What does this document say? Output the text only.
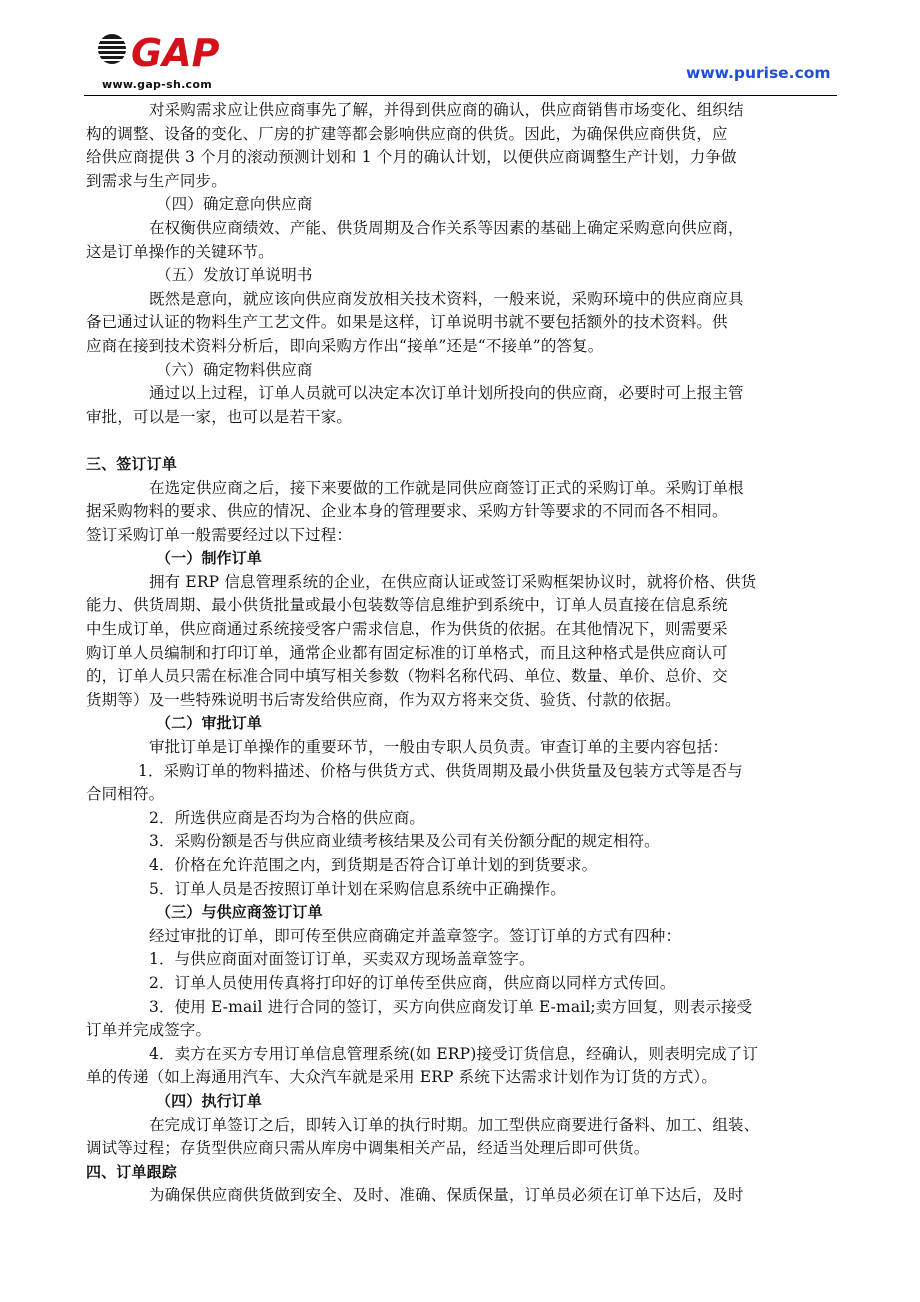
GAP
www.gap-sh.com
www.purise.com
对采购需求应让供应商事先了解，并得到供应商的确认，供应商销售市场变化、组织结
构的调整、设备的变化、厂房的扩建等都会影响供应商的供货。因此，为确保供应商供货，应
给供应商提供 3 个月的滚动预测计划和 1 个月的确认计划，以便供应商调整生产计划，力争做
到需求与生产同步。
（四）确定意向供应商
在权衡供应商绩效、产能、供货周期及合作关系等因素的基础上确定采购意向供应商，
这是订单操作的关键环节。
（五）发放订单说明书
既然是意向，就应该向供应商发放相关技术资料，一般来说，采购环境中的供应商应具
备已通过认证的物料生产工艺文件。如果是这样，订单说明书就不要包括额外的技术资料。供
应商在接到技术资料分析后，即向采购方作出“接单”还是“不接单”的答复。
（六）确定物料供应商
通过以上过程，订单人员就可以决定本次订单计划所投向的供应商，必要时可上报主管
审批，可以是一家，也可以是若干家。
三、签订订单
在选定供应商之后，接下来要做的工作就是同供应商签订正式的采购订单。采购订单根
据采购物料的要求、供应的情况、企业本身的管理要求、采购方针等要求的不同而各不相同。
签订采购订单一般需要经过以下过程：
（一）制作订单
拥有 ERP 信息管理系统的企业，在供应商认证或签订采购框架协议时，就将价格、供货
能力、供货周期、最小供货批量或最小包装数等信息维护到系统中，订单人员直接在信息系统
中生成订单，供应商通过系统接受客户需求信息，作为供货的依据。在其他情况下，则需要采
购订单人员编制和打印订单，通常企业都有固定标准的订单格式，而且这种格式是供应商认可
的，订单人员只需在标准合同中填写相关参数（物料名称代码、单位、数量、单价、总价、交
货期等）及一些特殊说明书后寄发给供应商，作为双方将来交货、验货、付款的依据。
（二）审批订单
审批订单是订单操作的重要环节，一般由专职人员负责。审查订单的主要内容包括：
1．采购订单的物料描述、价格与供货方式、供货周期及最小供货量及包装方式等是否与
合同相符。
2．所选供应商是否均为合格的供应商。
3．采购份额是否与供应商业绩考核结果及公司有关份额分配的规定相符。
4．价格在允许范围之内，到货期是否符合订单计划的到货要求。
5．订单人员是否按照订单计划在采购信息系统中正确操作。
（三）与供应商签订订单
经过审批的订单，即可传至供应商确定并盖章签字。签订订单的方式有四种：
1．与供应商面对面签订订单，买卖双方现场盖章签字。
2．订单人员使用传真将打印好的订单传至供应商，供应商以同样方式传回。
3．使用 E-mail 进行合同的签订，买方向供应商发订单 E-mail;卖方回复，则表示接受
订单并完成签字。
4．卖方在买方专用订单信息管理系统(如 ERP)接受订货信息，经确认，则表明完成了订
单的传递（如上海通用汽车、大众汽车就是采用 ERP 系统下达需求计划作为订货的方式）。
（四）执行订单
在完成订单签订之后，即转入订单的执行时期。加工型供应商要进行备料、加工、组装、
调试等过程；存货型供应商只需从库房中调集相关产品，经适当处理后即可供货。
四、订单跟踪
为确保供应商供货做到安全、及时、准确、保质保量，订单员必须在订单下达后，及时
